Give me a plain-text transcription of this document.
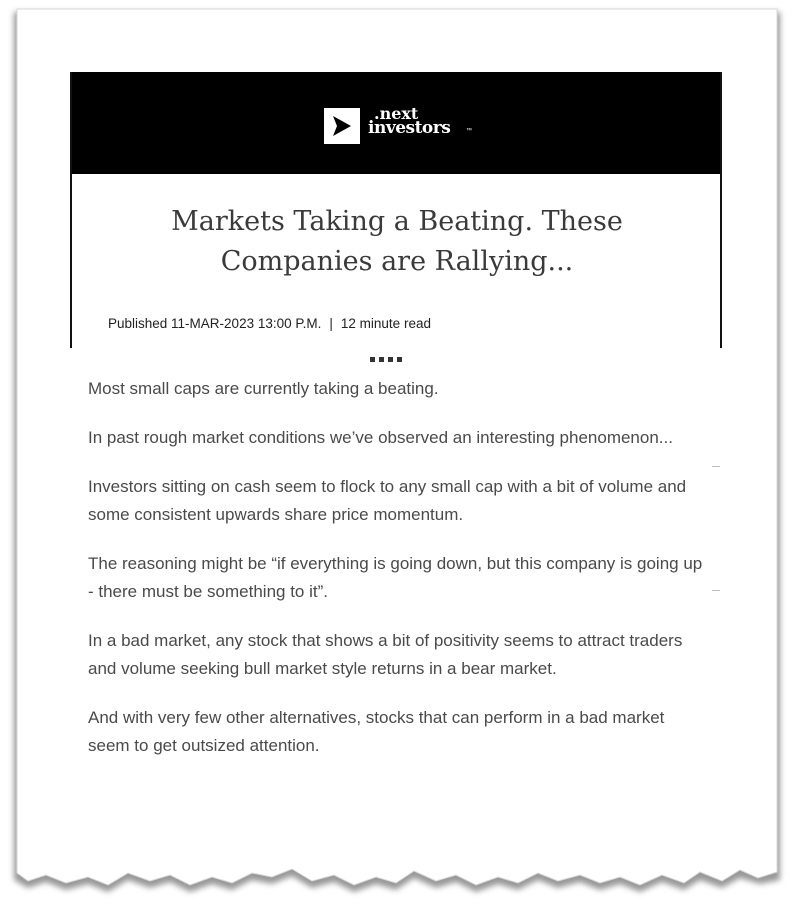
.next
investors	™
Markets Taking a Beating. These Companies are Rallying...
Published 11-MAR-2023 13:00 P.M. | 12 minute read

Most small caps are currently taking a beating.

In past rough market conditions we’ve observed an interesting phenomenon...

Investors sitting on cash seem to flock to any small cap with a bit of volume and some consistent upwards share price momentum.

The reasoning might be “if everything is going down, but this company is going up - there must be something to it”.

In a bad market, any stock that shows a bit of positivity seems to attract traders and volume seeking bull market style returns in a bear market.

And with very few other alternatives, stocks that can perform in a bad market seem to get outsized attention.
